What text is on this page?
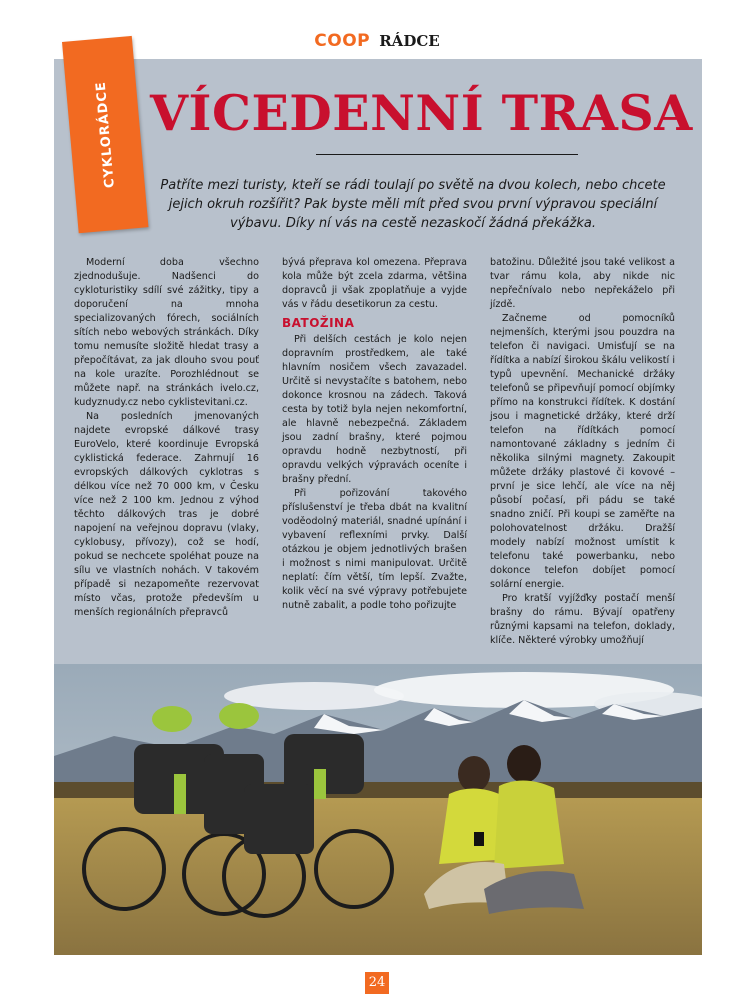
COOP RÁDCE
CYKLORÁDCE VÍCEDENNÍ TRASA
Patříte mezi turisty, kteří se rádi toulají po světě na dvou kolech, nebo chcete jejich okruh rozšířit? Pak byste měli mít před svou první výpravou speciální výbavu. Díky ní vás na cestě nezaskočí žádná překážka.

Moderní doba všechno zjednodušuje. Nadšenci do cykloturistiky sdílí své zážitky, tipy a doporučení na mnoha specializovaných fórech, sociálních sítích nebo webových stránkách. Díky tomu nemusíte složitě hledat trasy a přepočítávat, za jak dlouho svou pouť na kole urazíte. Porozhlédnout se můžete např. na stránkách ivelo.cz, kudyznudy.cz nebo cyklistevitani.cz.

Na posledních jmenovaných najdete evropské dálkové trasy EuroVelo, které koordinuje Evropská cyklistická federace. Zahrnují 16 evropských dálkových cyklotras s délkou více než 70 000 km, v Česku více než 2 100 km. Jednou z výhod těchto dálkových tras je dobré napojení na veřejnou dopravu (vlaky, cyklobusy, přívozy), což se hodí, pokud se nechcete spoléhat pouze na sílu ve vlastních nohách. V takovém případě si nezapomeňte rezervovat místo včas, protože především u menších regionálních přepravců

bývá přeprava kol omezena. Přeprava kola může být zcela zdarma, většina dopravců ji však zpoplatňuje a vyjde vás v řádu desetikorun za cestu.

BATOŽINA

Při delších cestách je kolo nejen dopravním prostředkem, ale také hlavním nosičem všech zavazadel. Určitě si nevystačíte s batohem, nebo dokonce krosnou na zádech. Taková cesta by totiž byla nejen nekomfortní, ale hlavně nebezpečná. Základem jsou zadní brašny, které pojmou opravdu hodně nezbytností, při opravdu velkých výpravách oceníte i brašny přední.

Při pořizování takového příslušenství je třeba dbát na kvalitní voděodolný materiál, snadné upínání i vybavení reflexními prvky. Další otázkou je objem jednotlivých brašen i možnost s nimi manipulovat. Určitě neplatí: čím větší, tím lepší. Zvažte, kolik věcí na své výpravy potřebujete nutně zabalit, a podle toho pořizujte

batožinu. Důležité jsou také velikost a tvar rámu kola, aby nikde nic nepřečnívalo nebo nepřekáželo při jízdě.

Začneme od pomocníků nejmenších, kterými jsou pouzdra na telefon či navigaci. Umisťují se na řídítka a nabízí širokou škálu velikostí i typů upevnění. Mechanické držáky telefonů se připevňují pomocí objímky přímo na konstrukci řídítek. K dostání jsou i magnetické držáky, které drží telefon na řídítkách pomocí namontované základny s jedním či několika silnými magnety. Zakoupit můžete držáky plastové či kovové – první je sice lehčí, ale více na něj působí počasí, při pádu se také snadno zničí. Při koupi se zaměřte na polohovatelnost držáku. Dražší modely nabízí možnost umístit k telefonu také powerbanku, nebo dokonce telefon dobíjet pomocí solární energie.

Pro kratší vyjížďky postačí menší brašny do rámu. Bývají opatřeny různými kapsami na telefon, doklady, klíče. Některé výrobky umožňují

24
